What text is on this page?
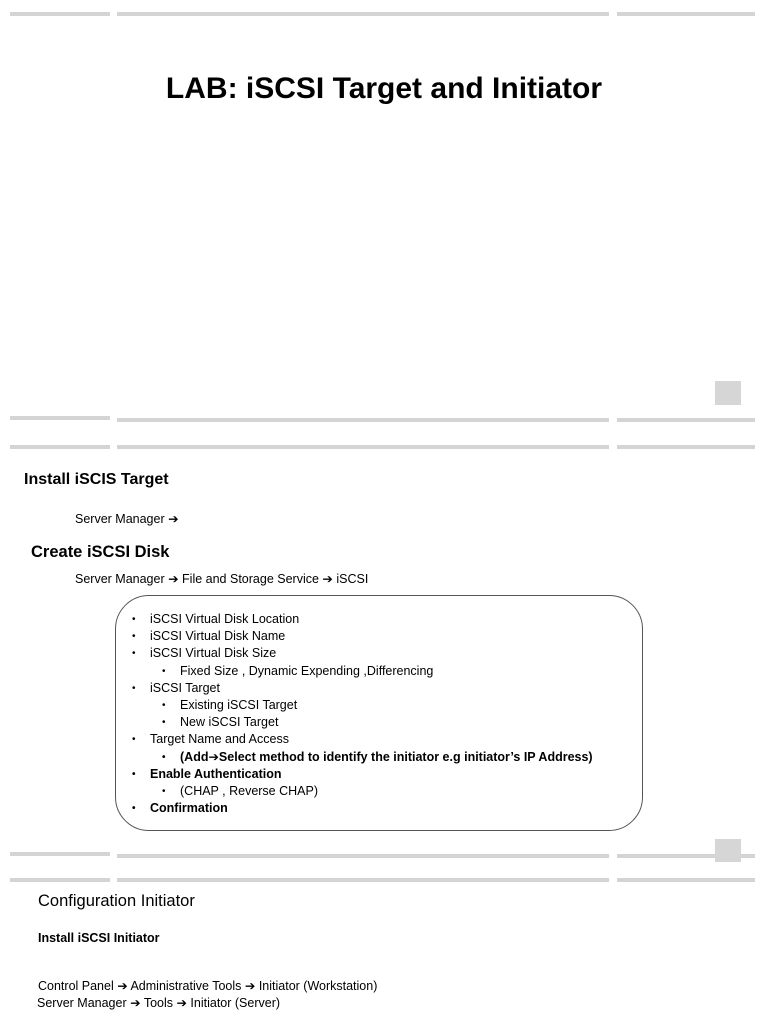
LAB: iSCSI Target and Initiator

Install iSCIS Target

Server Manager ➔

Create iSCSI Disk

Server Manager ➔ File and Storage Service ➔ iSCSI

• iSCSI Virtual Disk Location
• iSCSI Virtual Disk Name
• iSCSI Virtual Disk Size
• Fixed Size , Dynamic Expending ,Differencing
• iSCSI Target
• Existing iSCSI Target
• New iSCSI Target
• Target Name and Access
• (Add➔Select method to identify the initiator e.g initiator’s IP Address)
• Enable Authentication
• (CHAP , Reverse CHAP)
• Confirmation

Configuration Initiator

Install iSCSI Initiator

Control Panel ➔ Administrative Tools ➔ Initiator (Workstation)

Server Manager ➔ Tools ➔ Initiator (Server)
